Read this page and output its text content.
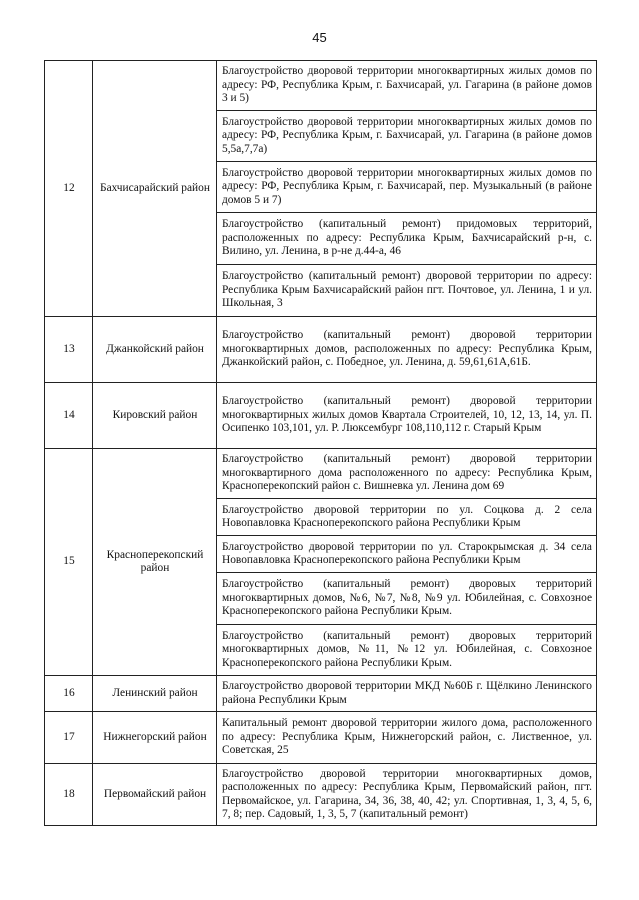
45
12	Бахчисарайский район	Благоустройство дворовой территории многоквартирных жилых домов по адресу: РФ, Республика Крым, г. Бахчисарай, ул. Гагарина (в районе домов 3 и 5)
		Благоустройство дворовой территории многоквартирных жилых домов по адресу: РФ, Республика Крым, г. Бахчисарай, ул. Гагарина (в районе домов 5,5а,7,7а)
		Благоустройство дворовой территории многоквартирных жилых домов по адресу: РФ, Республика Крым, г. Бахчисарай, пер. Музыкальный (в районе домов 5 и 7)
		Благоустройство (капитальный ремонт) придомовых территорий, расположенных по адресу: Республика Крым, Бахчисарайский р-н, с. Вилино, ул. Ленина, в р-не д.44-а, 46
		Благоустройство (капитальный ремонт) дворовой территории по адресу: Республика Крым Бахчисарайский район пгт. Почтовое, ул. Ленина, 1 и ул. Школьная, 3
13	Джанкойский район	Благоустройство (капитальный ремонт) дворовой территории многоквартирных домов, расположенных по адресу: Республика Крым, Джанкойский район, с. Победное, ул. Ленина, д. 59,61,61А,61Б.
14	Кировский район	Благоустройство (капитальный ремонт) дворовой территории многоквартирных жилых домов Квартала Строителей, 10, 12, 13, 14, ул. П. Осипенко 103,101, ул. Р. Люксембург 108,110,112 г. Старый Крым
15	Красноперекопский район	Благоустройство (капитальный ремонт) дворовой территории многоквартирного дома расположенного по адресу: Республика Крым, Красноперекопский район с. Вишневка ул. Ленина дом 69
		Благоустройство дворовой территории по ул. Соцкова д. 2 села Новопавловка Красноперекопского района Республики Крым
		Благоустройство дворовой территории по ул. Старокрымская д. 34 села Новопавловка Красноперекопского района Республики Крым
		Благоустройство (капитальный ремонт) дворовых территорий многоквартирных домов, №6, №7, №8, №9 ул. Юбилейная, с. Совхозное Красноперекопского района Республики Крым.
		Благоустройство (капитальный ремонт) дворовых территорий многоквартирных домов, №11, №12 ул. Юбилейная, с. Совхозное Красноперекопского района Республики Крым.
16	Ленинский район	Благоустройство дворовой территории МКД №60Б г. Щёлкино Ленинского района Республики Крым
17	Нижнегорский район	Капитальный ремонт дворовой территории жилого дома, расположенного по адресу: Республика Крым, Нижнегорский район, с. Лиственное, ул. Советская, 25
18	Первомайский район	Благоустройство дворовой территории многоквартирных домов, расположенных по адресу: Республика Крым, Первомайский район, пгт. Первомайское, ул. Гагарина, 34, 36, 38, 40, 42; ул. Спортивная, 1, 3, 4, 5, 6, 7, 8; пер. Садовый, 1, 3, 5, 7 (капитальный ремонт)
